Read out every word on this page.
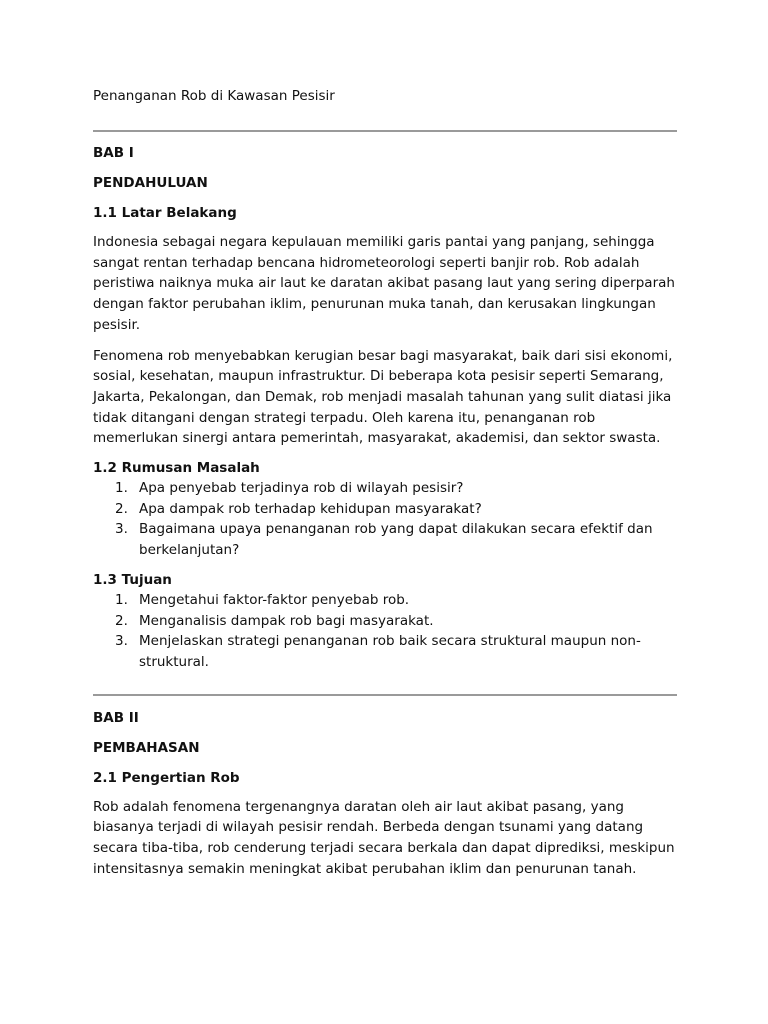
Penanganan Rob di Kawasan Pesisir

BAB I

PENDAHULUAN

1.1 Latar Belakang

Indonesia sebagai negara kepulauan memiliki garis pantai yang panjang, sehingga sangat rentan terhadap bencana hidrometeorologi seperti banjir rob. Rob adalah peristiwa naiknya muka air laut ke daratan akibat pasang laut yang sering diperparah dengan faktor perubahan iklim, penurunan muka tanah, dan kerusakan lingkungan pesisir.

Fenomena rob menyebabkan kerugian besar bagi masyarakat, baik dari sisi ekonomi, sosial, kesehatan, maupun infrastruktur. Di beberapa kota pesisir seperti Semarang, Jakarta, Pekalongan, dan Demak, rob menjadi masalah tahunan yang sulit diatasi jika tidak ditangani dengan strategi terpadu. Oleh karena itu, penanganan rob memerlukan sinergi antara pemerintah, masyarakat, akademisi, dan sektor swasta.

1.2 Rumusan Masalah

1. Apa penyebab terjadinya rob di wilayah pesisir?
2. Apa dampak rob terhadap kehidupan masyarakat?
3. Bagaimana upaya penanganan rob yang dapat dilakukan secara efektif dan berkelanjutan?

1.3 Tujuan

1. Mengetahui faktor-faktor penyebab rob.
2. Menganalisis dampak rob bagi masyarakat.
3. Menjelaskan strategi penanganan rob baik secara struktural maupun non-struktural.

BAB II

PEMBAHASAN

2.1 Pengertian Rob

Rob adalah fenomena tergenangnya daratan oleh air laut akibat pasang, yang biasanya terjadi di wilayah pesisir rendah. Berbeda dengan tsunami yang datang secara tiba-tiba, rob cenderung terjadi secara berkala dan dapat diprediksi, meskipun intensitasnya semakin meningkat akibat perubahan iklim dan penurunan tanah.
